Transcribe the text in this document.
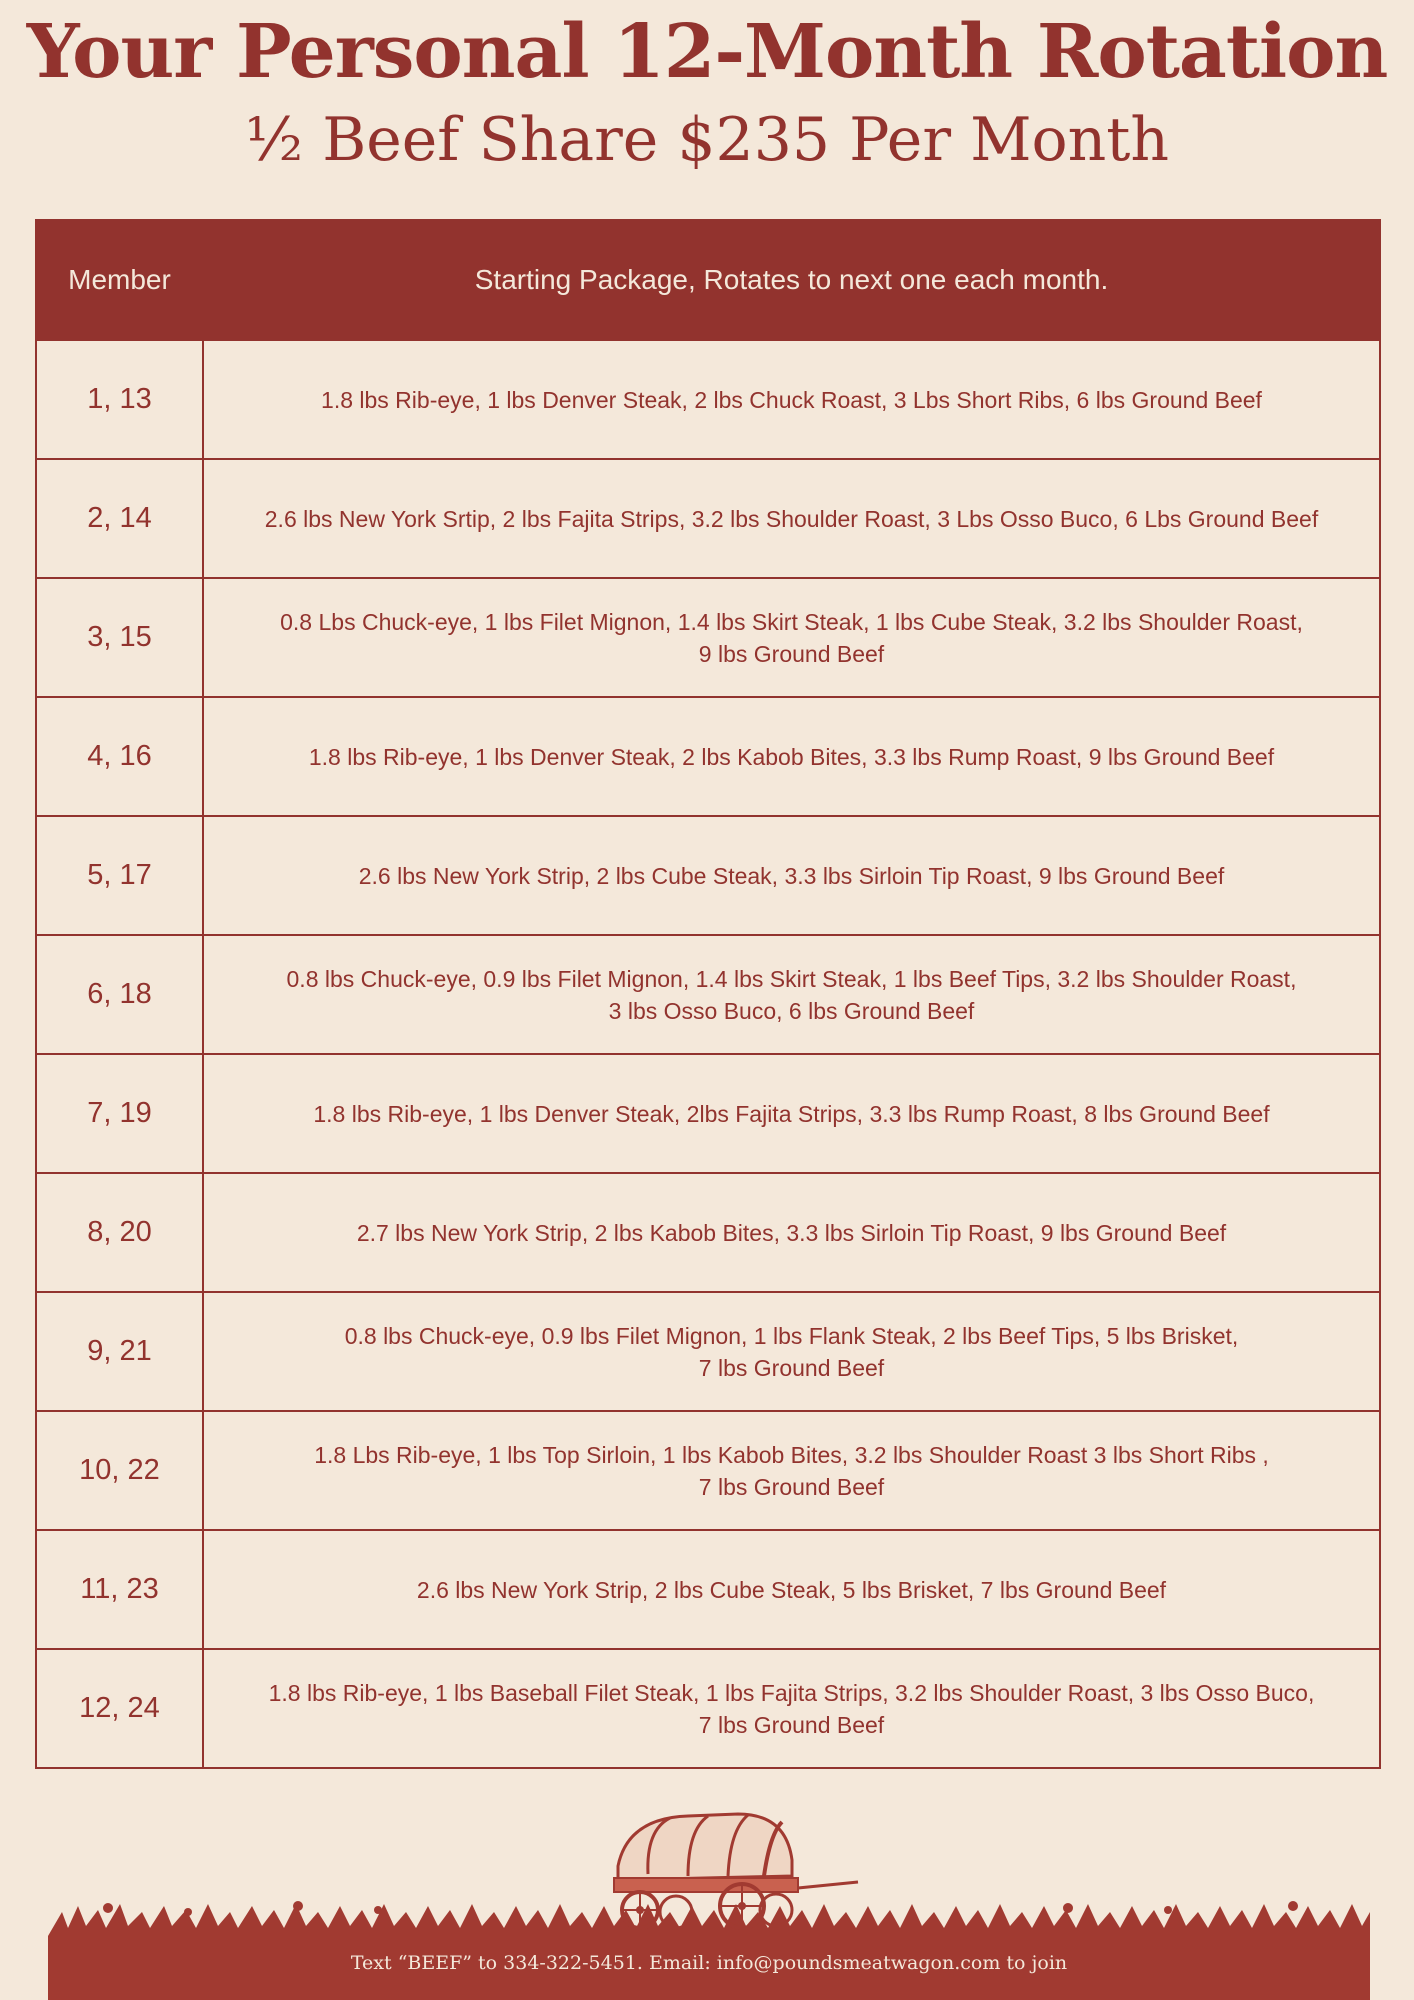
Your Personal 12-Month Rotation
½ Beef Share $235 Per Month
Member	Starting Package, Rotates to next one each month.
1, 13	1.8 lbs Rib-eye, 1 lbs Denver Steak, 2 lbs Chuck Roast, 3 Lbs Short Ribs, 6 lbs Ground Beef

2, 14	2.6 lbs New York Srtip, 2 lbs Fajita Strips, 3.2 lbs Shoulder Roast, 3 Lbs Osso Buco, 6 Lbs Ground Beef

3, 15	0.8 Lbs Chuck-eye, 1 lbs Filet Mignon, 1.4 lbs Skirt Steak, 1 lbs Cube Steak, 3.2 lbs Shoulder Roast,
9 lbs Ground Beef

4, 16	1.8 lbs Rib-eye, 1 lbs Denver Steak, 2 lbs Kabob Bites, 3.3 lbs Rump Roast, 9 lbs Ground Beef

5, 17	2.6 lbs New York Strip, 2 lbs Cube Steak, 3.3 lbs Sirloin Tip Roast, 9 lbs Ground Beef

6, 18	0.8 lbs Chuck-eye, 0.9 lbs Filet Mignon, 1.4 lbs Skirt Steak, 1 lbs Beef Tips, 3.2 lbs Shoulder Roast,
3 lbs Osso Buco, 6 lbs Ground Beef

7, 19	1.8 lbs Rib-eye, 1 lbs Denver Steak, 2lbs Fajita Strips, 3.3 lbs Rump Roast, 8 lbs Ground Beef

8, 20	2.7 lbs New York Strip, 2 lbs Kabob Bites, 3.3 lbs Sirloin Tip Roast, 9 lbs Ground Beef

9, 21	0.8 lbs Chuck-eye, 0.9 lbs Filet Mignon, 1 lbs Flank Steak, 2 lbs Beef Tips, 5 lbs Brisket,
7 lbs Ground Beef

10, 22	1.8 Lbs Rib-eye, 1 lbs Top Sirloin, 1 lbs Kabob Bites, 3.2 lbs Shoulder Roast 3 lbs Short Ribs ,
7 lbs Ground Beef

11, 23	2.6 lbs New York Strip, 2 lbs Cube Steak, 5 lbs Brisket, 7 lbs Ground Beef

12, 24	1.8 lbs Rib-eye, 1 lbs Baseball Filet Steak, 1 lbs Fajita Strips, 3.2 lbs Shoulder Roast, 3 lbs Osso Buco,
7 lbs Ground Beef
Text “BEEF” to 334-322-5451. Email: info@poundsmeatwagon.com to join
